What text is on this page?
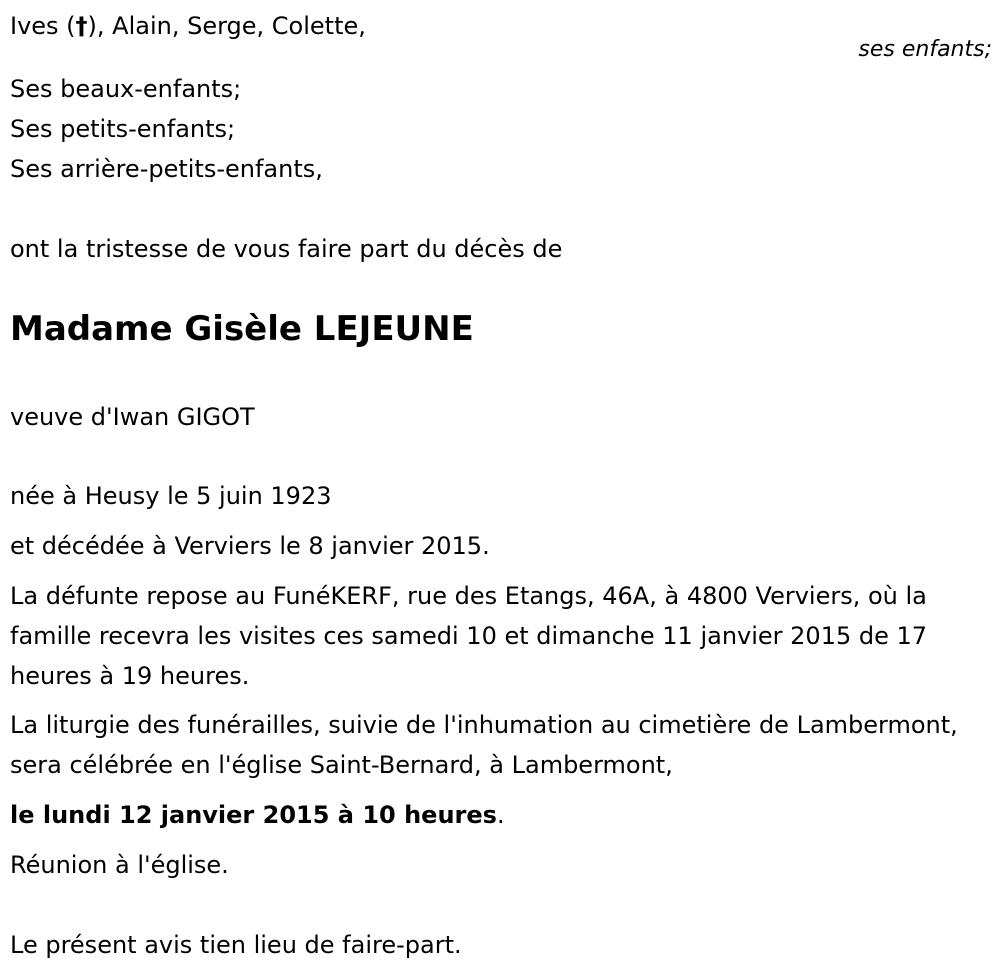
Ives (†), Alain, Serge, Colette,
ses enfants;
Ses beaux-enfants;
Ses petits-enfants;
Ses arrière-petits-enfants,
ont la tristesse de vous faire part du décès de
Madame Gisèle LEJEUNE
veuve d'Iwan GIGOT
née à Heusy le 5 juin 1923
et décédée à Verviers le 8 janvier 2015.
La défunte repose au FunéKERF, rue des Etangs, 46A, à 4800 Verviers, où la famille recevra les visites ces samedi 10 et dimanche 11 janvier 2015 de 17 heures à 19 heures.
La liturgie des funérailles, suivie de l'inhumation au cimetière de Lambermont, sera célébrée en l'église Saint-Bernard, à Lambermont,
le lundi 12 janvier 2015 à 10 heures.
Réunion à l'église.
Le présent avis tien lieu de faire-part.
